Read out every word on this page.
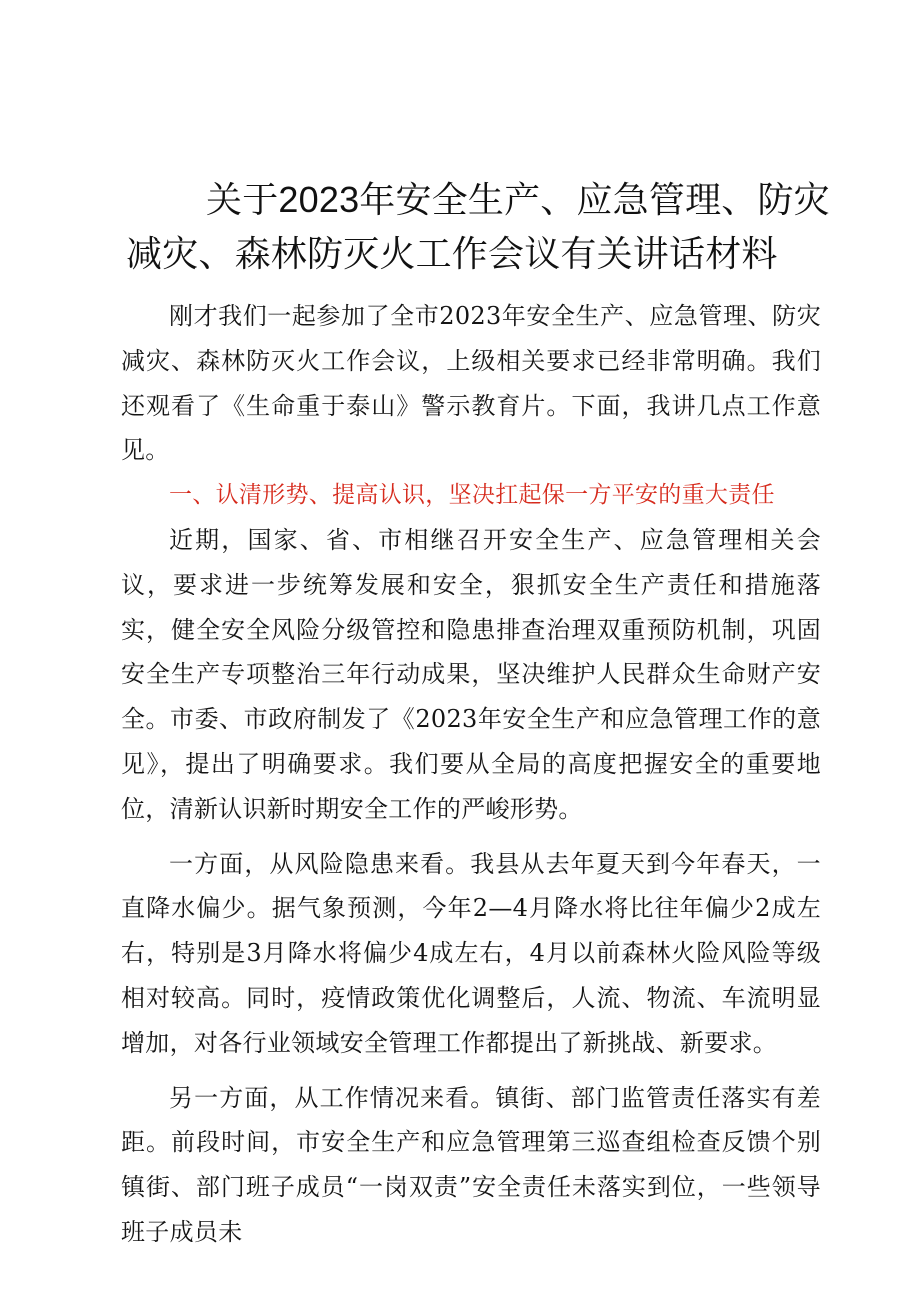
关于2023年安全生产、应急管理、防灾
减灾、森林防灭火工作会议有关讲话材料

刚才我们一起参加了全市2023年安全生产、应急管理、防灾减灾、森林防灭火工作会议，上级相关要求已经非常明确。我们还观看了《生命重于泰山》警示教育片。下面，我讲几点工作意见。

一、认清形势、提高认识，坚决扛起保一方平安的重大责任

近期，国家、省、市相继召开安全生产、应急管理相关会议，要求进一步统筹发展和安全，狠抓安全生产责任和措施落实，健全安全风险分级管控和隐患排查治理双重预防机制，巩固安全生产专项整治三年行动成果，坚决维护人民群众生命财产安全。市委、市政府制发了《2023年安全生产和应急管理工作的意见》，提出了明确要求。我们要从全局的高度把握安全的重要地位，清新认识新时期安全工作的严峻形势。

一方面，从风险隐患来看。我县从去年夏天到今年春天，一直降水偏少。据气象预测，今年2—4月降水将比往年偏少2成左右，特别是3月降水将偏少4成左右，4月以前森林火险风险等级相对较高。同时，疫情政策优化调整后，人流、物流、车流明显增加，对各行业领域安全管理工作都提出了新挑战、新要求。

另一方面，从工作情况来看。镇街、部门监管责任落实有差距。前段时间，市安全生产和应急管理第三巡查组检查反馈个别镇街、部门班子成员“一岗双责”安全责任未落实到位，一些领导班子成员未
